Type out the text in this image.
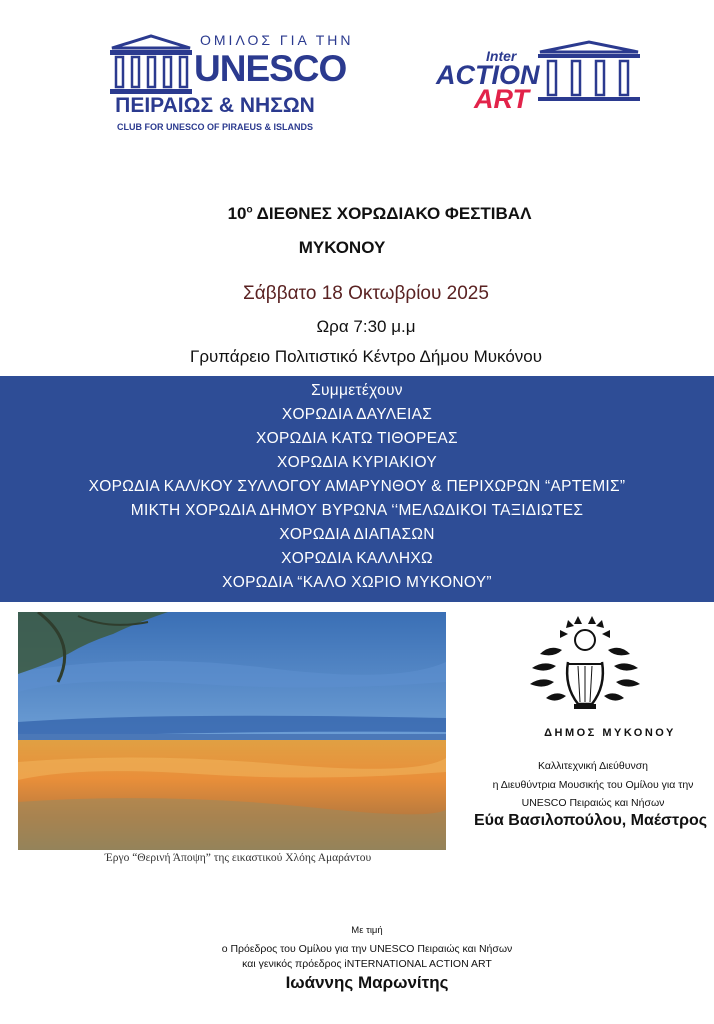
ΟΜΙΛΟΣ ΓΙΑ ΤΗΝ
UNESCO
ΠΕΙΡΑΙΩΣ & ΝΗΣΩΝ
CLUB FOR UNESCO OF PIRAEUS & ISLANDS
Inter
ACTION
ART
$10^o$ ΔΙΕΘΝΕΣ ΧΟΡΩΔΙΑΚΟ ΦΕΣΤΙΒΑΛ
ΜΥΚΟΝΟΥ
Σάββατο 18 Οκτωβρίου 2025
Ωρα 7:30 μ.μ
Γρυπάρειο Πολιτιστικό Κέντρο Δήμου Μυκόνου
Συμμετέχουν
ΧΟΡΩΔΙΑ ΔΑΥΛΕΙΑΣ
ΧΟΡΩΔΙΑ ΚΑΤΩ ΤΙΘΟΡΕΑΣ
ΧΟΡΩΔΙΑ ΚΥΡΙΑΚΙΟΥ
ΧΟΡΩΔΙΑ ΚΑΛ/ΚΟΥ ΣΥΛΛΟΓΟΥ ΑΜΑΡΥΝΘΟΥ & ΠΕΡΙΧΩΡΩΝ “ΑΡΤΕΜΙΣ”
ΜΙΚΤΗ ΧΟΡΩΔΙΑ ΔΗΜΟΥ ΒΥΡΩΝΑ ‘‘ΜΕΛΩΔΙΚΟΙ ΤΑΞΙΔΙΩΤΕΣ
ΧΟΡΩΔΙΑ ΔΙΑΠΑΣΩΝ
ΧΟΡΩΔΙΑ ΚΑΛΛΗΧΩ
ΧΟΡΩΔΙΑ “ΚΑΛΟ ΧΩΡΙΟ ΜΥΚΟΝΟΥ”
Έργο “Θερινή Άποψη” της εικαστικού Χλόης Αμαράντου
ΔΗΜΟΣ ΜΥΚΟΝΟΥ
Καλλιτεχνική Διεύθυνση
η Διευθύντρια Μουσικής του Ομίλου για την
UNESCO Πειραιώς και Νήσων
Εύα Βασιλοπούλου, Μαέστρος
Με τιμή
ο Πρόεδρος του Ομίλου για την UNESCO Πειραιώς και Νήσων
και γενικός πρόεδρος iNTERNATIONAL ACTION ART
Ιωάννης Μαρωνίτης
